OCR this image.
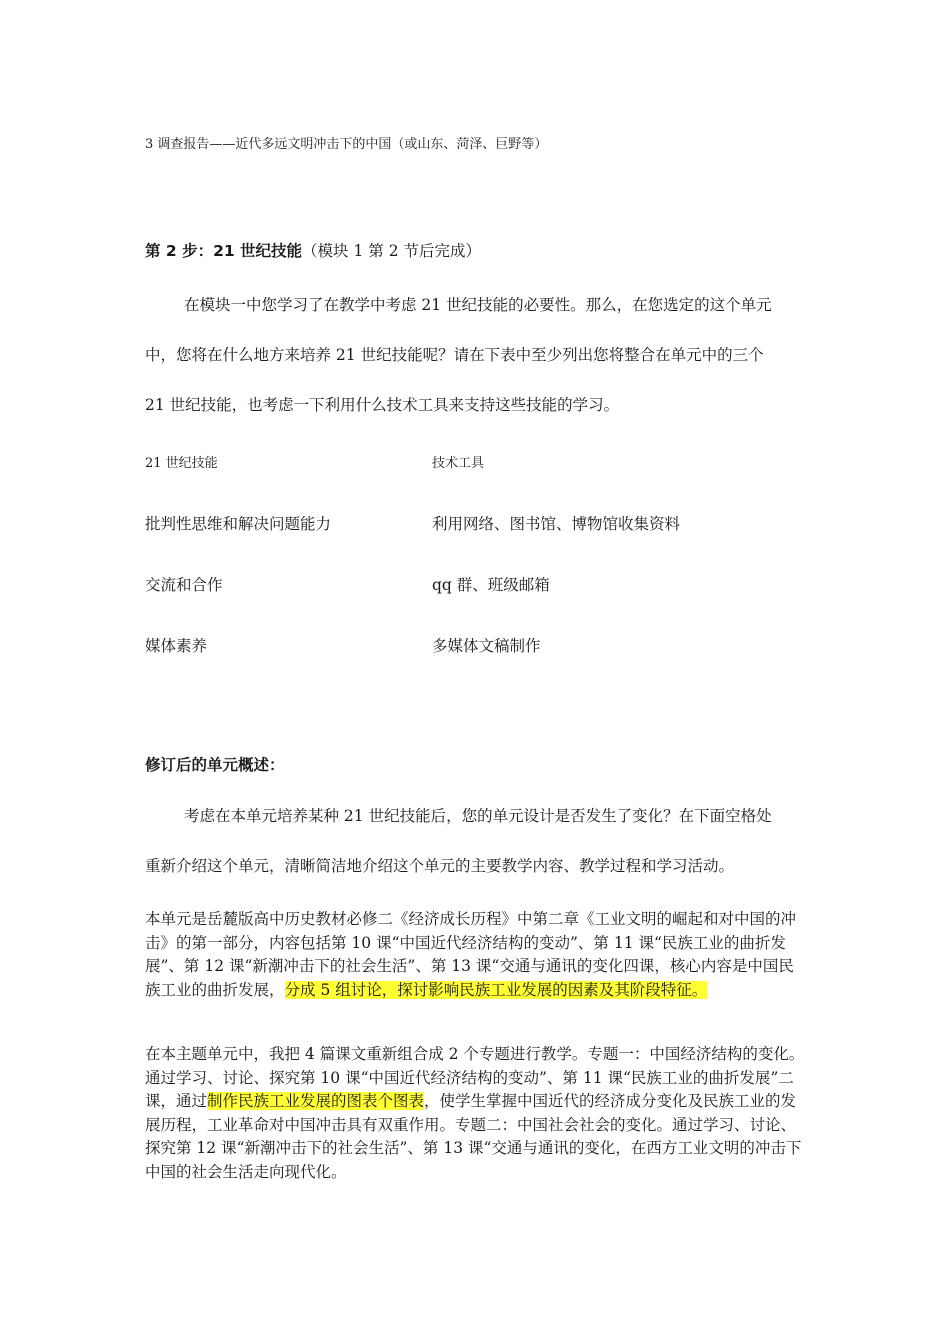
3 调查报告——近代多远文明冲击下的中国（或山东、菏泽、巨野等）
第 2 步：21 世纪技能（模块 1 第 2 节后完成）
在模块一中您学习了在教学中考虑 21 世纪技能的必要性。那么，在您选定的这个单元
中，您将在什么地方来培养 21 世纪技能呢？请在下表中至少列出您将整合在单元中的三个
21 世纪技能，也考虑一下利用什么技术工具来支持这些技能的学习。
21 世纪技能	技术工具
批判性思维和解决问题能力	利用网络、图书馆、博物馆收集资料
交流和合作	qq 群、班级邮箱
媒体素养	多媒体文稿制作
修订后的单元概述：
考虑在本单元培养某种 21 世纪技能后，您的单元设计是否发生了变化？在下面空格处
重新介绍这个单元，清晰简洁地介绍这个单元的主要教学内容、教学过程和学习活动。
本单元是岳麓版高中历史教材必修二《经济成长历程》中第二章《工业文明的崛起和对中国的冲击》的第一部分，内容包括第 10 课“中国近代经济结构的变动”、第 11 课“民族工业的曲折发展”、第 12 课“新潮冲击下的社会生活”、第 13 课“交通与通讯的变化四课，核心内容是中国民族工业的曲折发展，分成 5 组讨论，探讨影响民族工业发展的因素及其阶段特征。
在本主题单元中，我把 4 篇课文重新组合成 2 个专题进行教学。专题一：中国经济结构的变化。通过学习、讨论、探究第 10 课“中国近代经济结构的变动”、第 11 课“民族工业的曲折发展”二课，通过制作民族工业发展的图表个图表，使学生掌握中国近代的经济成分变化及民族工业的发展历程，工业革命对中国冲击具有双重作用。专题二：中国社会社会的变化。通过学习、讨论、探究第 12 课“新潮冲击下的社会生活”、第 13 课“交通与通讯的变化，在西方工业文明的冲击下中国的社会生活走向现代化。
